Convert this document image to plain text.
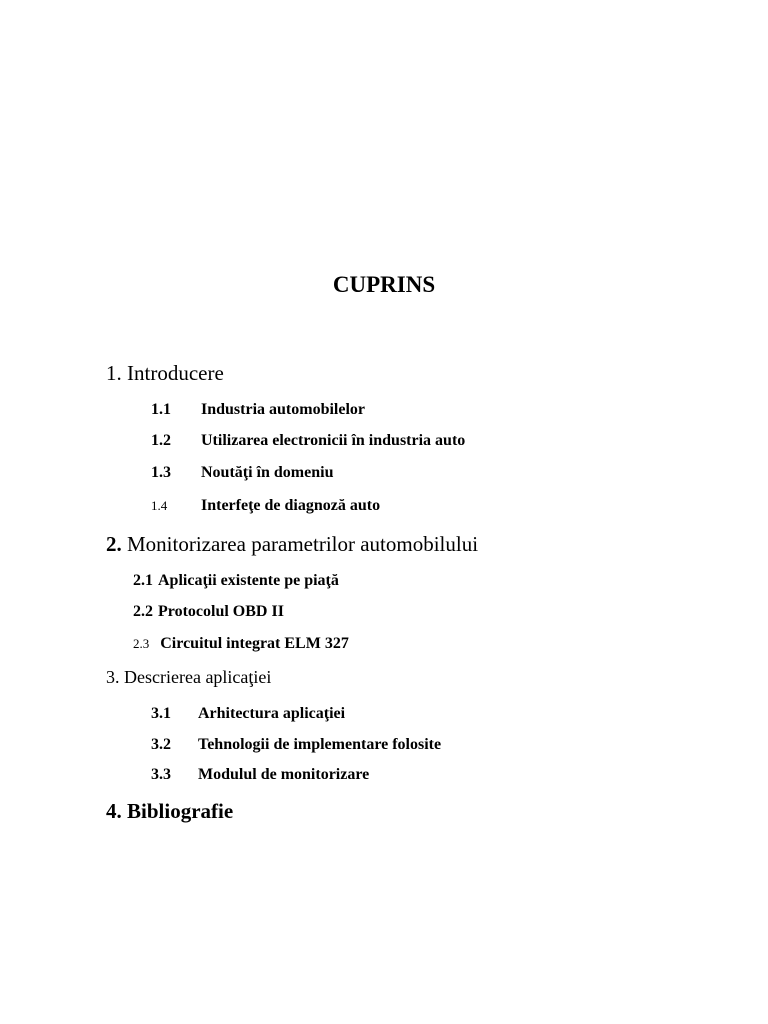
CUPRINS
1. Introducere
1.1 Industria automobilelor
1.2 Utilizarea electronicii în industria auto
1.3 Noutăţi în domeniu
1.4 Interfeţe de diagnoză auto
2. Monitorizarea parametrilor automobilului
2.1 Aplicaţii existente pe piaţă
2.2 Protocolul OBD II
2.3 Circuitul integrat ELM 327
3. Descrierea aplicaţiei
3.1 Arhitectura aplicaţiei
3.2 Tehnologii de implementare folosite
3.3 Modulul de monitorizare
4. Bibliografie
